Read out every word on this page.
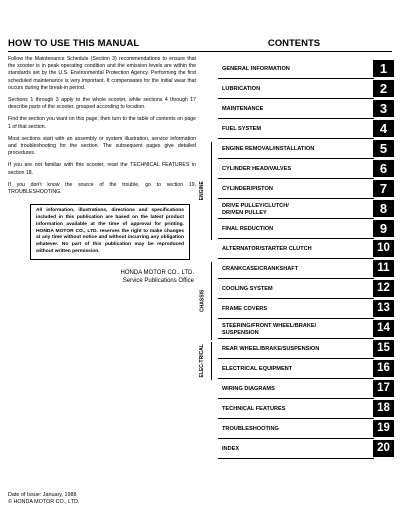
HOW TO USE THIS MANUAL

Follow the Maintenance Schedule (Section 3) recommendations to ensure that the scooter is in peak operating condition and the emission levels are within the standards set by the U.S. Environmental Protection Agency. Performing the first scheduled maintenance is very important. It compensates for the initial wear that occurs during the break-in period.

Sections 1 through 3 apply to the whole scooter, while sections 4 through 17 describe parts of the scooter, grouped according to location.

Find the section you want on this page, then turn to the table of contents on page 1 of that section.

Most sections start with an assembly or system illustration, service information and troubleshooting for the section. The subsequent pages give detailed procedures.

If you are not familiar with this scooter, read the TECHNICAL FEATURES in section 18.

If you don't know the source of the trouble, go to section 19, TROUBLESHOOTING.

All information, illustrations, directions and specifications included in this publication are based on the latest product information available at the time of approval for printing. HONDA MOTOR CO., LTD. reserves the right to make changes at any time without notice and without incurring any obligation whatever. No part of this publication may be reproduced without written permission.
HONDA MOTOR CO., LTD.
Service Publications Office
CONTENTS
GENERAL INFORMATION	1
LUBRICATION	2
MAINTENANCE	3
FUEL SYSTEM	4
ENGINE REMOVAL/INSTALLATION	5
CYLINDER HEAD/VALVES	6
CYLINDER/PISTON	7
DRIVE PULLEY/CLUTCH/
DRIVEN PULLEY	8
FINAL REDUCTION	9
ALTERNATOR/STARTER CLUTCH	10
CRANKCASE/CRANKSHAFT	11
COOLING SYSTEM	12
FRAME COVERS	13
STEERING/FRONT WHEEL/BRAKE/
SUSPENSION	14
REAR WHEEL/BRAKE/SUSPENSION	15
ELECTRICAL EQUIPMENT	16
WIRING DIAGRAMS	17
TECHNICAL FEATURES	18
TROUBLESHOOTING	19
INDEX	20
ENGINE
CHASSIS
ELEC-TRICAL
Date of Issue: January, 1988
© HONDA MOTOR CO., LTD.
